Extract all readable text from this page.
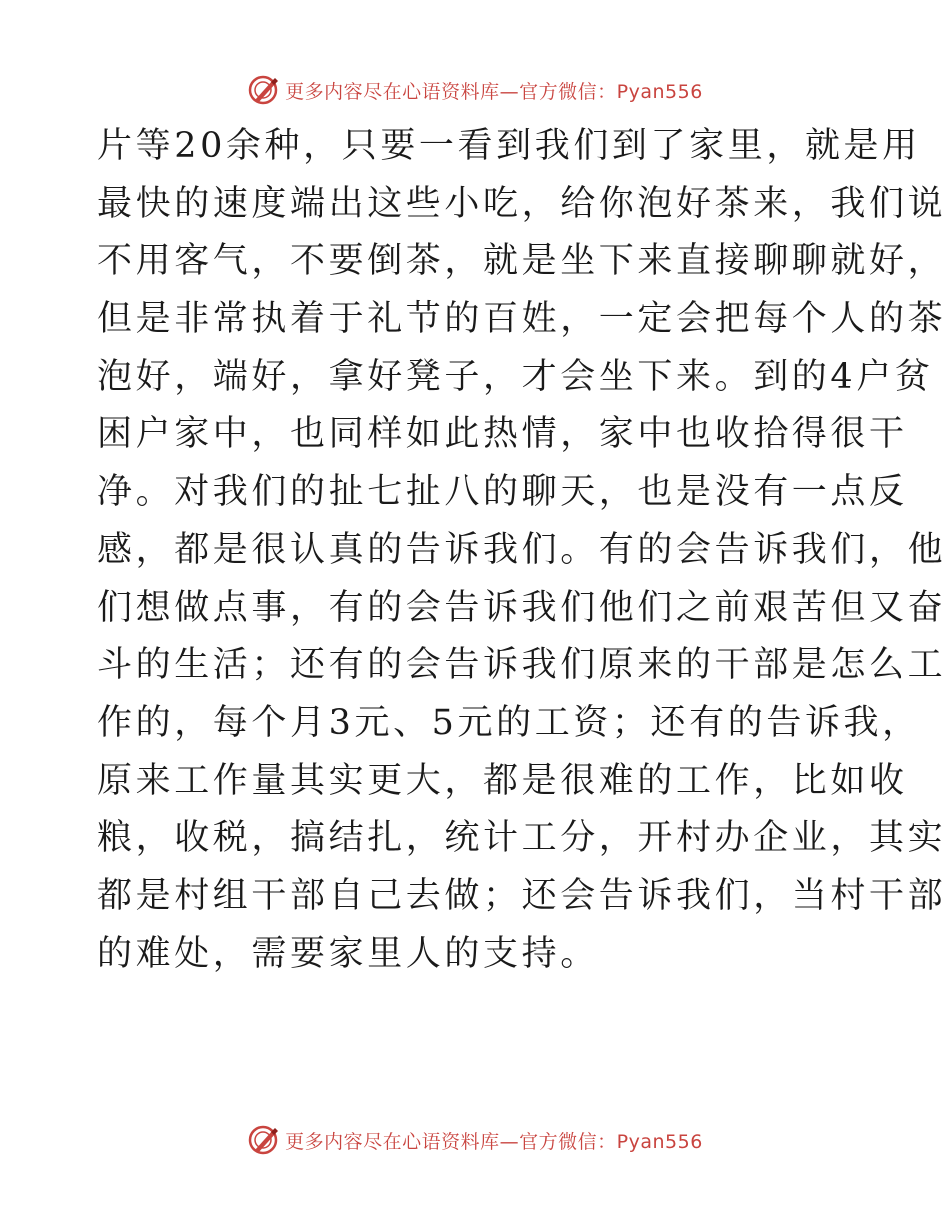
更多内容尽在心语资料库—官方微信：Pyan556
片等20余种，只要一看到我们到了家里，就是用
最快的速度端出这些小吃，给你泡好茶来，我们说
不用客气，不要倒茶，就是坐下来直接聊聊就好，
但是非常执着于礼节的百姓，一定会把每个人的茶
泡好，端好，拿好凳子，才会坐下来。到的4户贫
困户家中，也同样如此热情，家中也收拾得很干
净。对我们的扯七扯八的聊天，也是没有一点反
感，都是很认真的告诉我们。有的会告诉我们，他
们想做点事，有的会告诉我们他们之前艰苦但又奋
斗的生活；还有的会告诉我们原来的干部是怎么工
作的，每个月3元、5元的工资；还有的告诉我，
原来工作量其实更大，都是很难的工作，比如收
粮，收税，搞结扎，统计工分，开村办企业，其实
都是村组干部自己去做；还会告诉我们，当村干部
的难处，需要家里人的支持。
更多内容尽在心语资料库—官方微信：Pyan556
